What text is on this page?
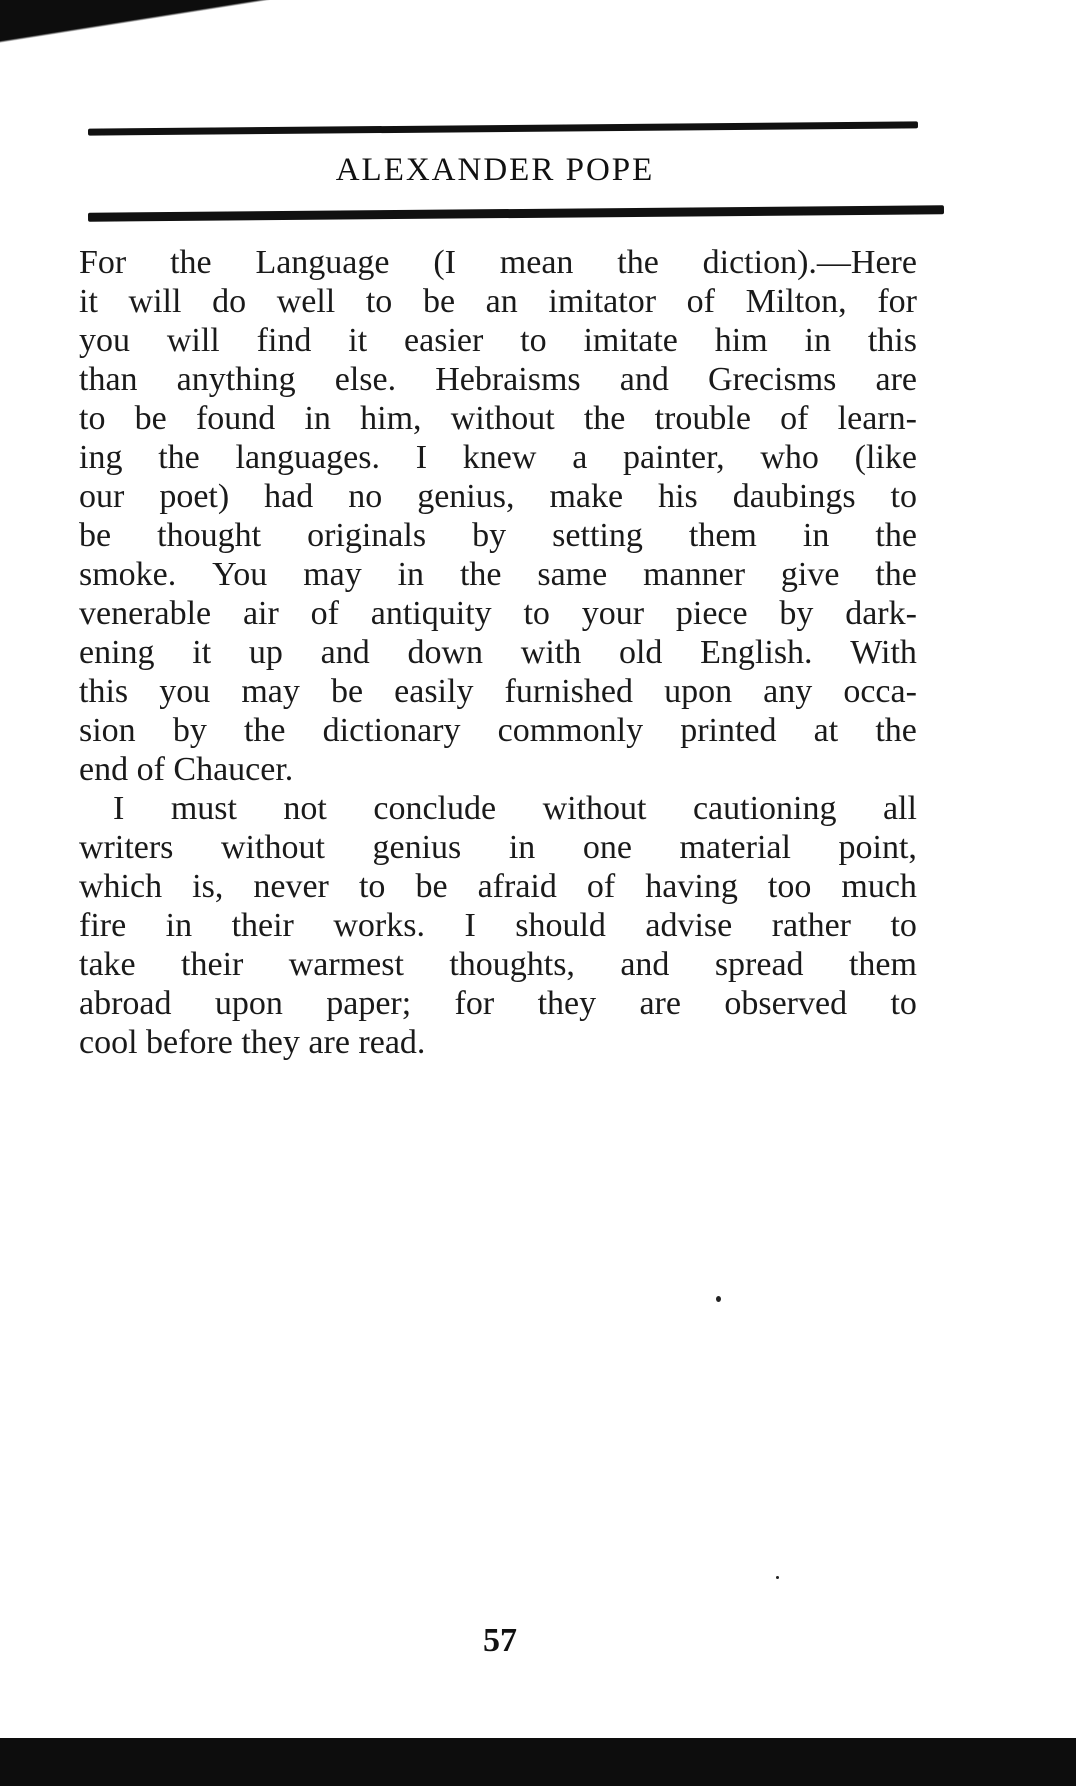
ALEXANDER POPE
For the Language (I mean the diction).—Here
it will do well to be an imitator of Milton, for
you will find it easier to imitate him in this
than anything else. Hebraisms and Grecisms are
to be found in him, without the trouble of learn-
ing the languages. I knew a painter, who (like
our poet) had no genius, make his daubings to
be thought originals by setting them in the
smoke. You may in the same manner give the
venerable air of antiquity to your piece by dark-
ening it up and down with old English. With
this you may be easily furnished upon any occa-
sion by the dictionary commonly printed at the
end of Chaucer.
I must not conclude without cautioning all
writers without genius in one material point,
which is, never to be afraid of having too much
fire in their works. I should advise rather to
take their warmest thoughts, and spread them
abroad upon paper; for they are observed to
cool before they are read.
57
